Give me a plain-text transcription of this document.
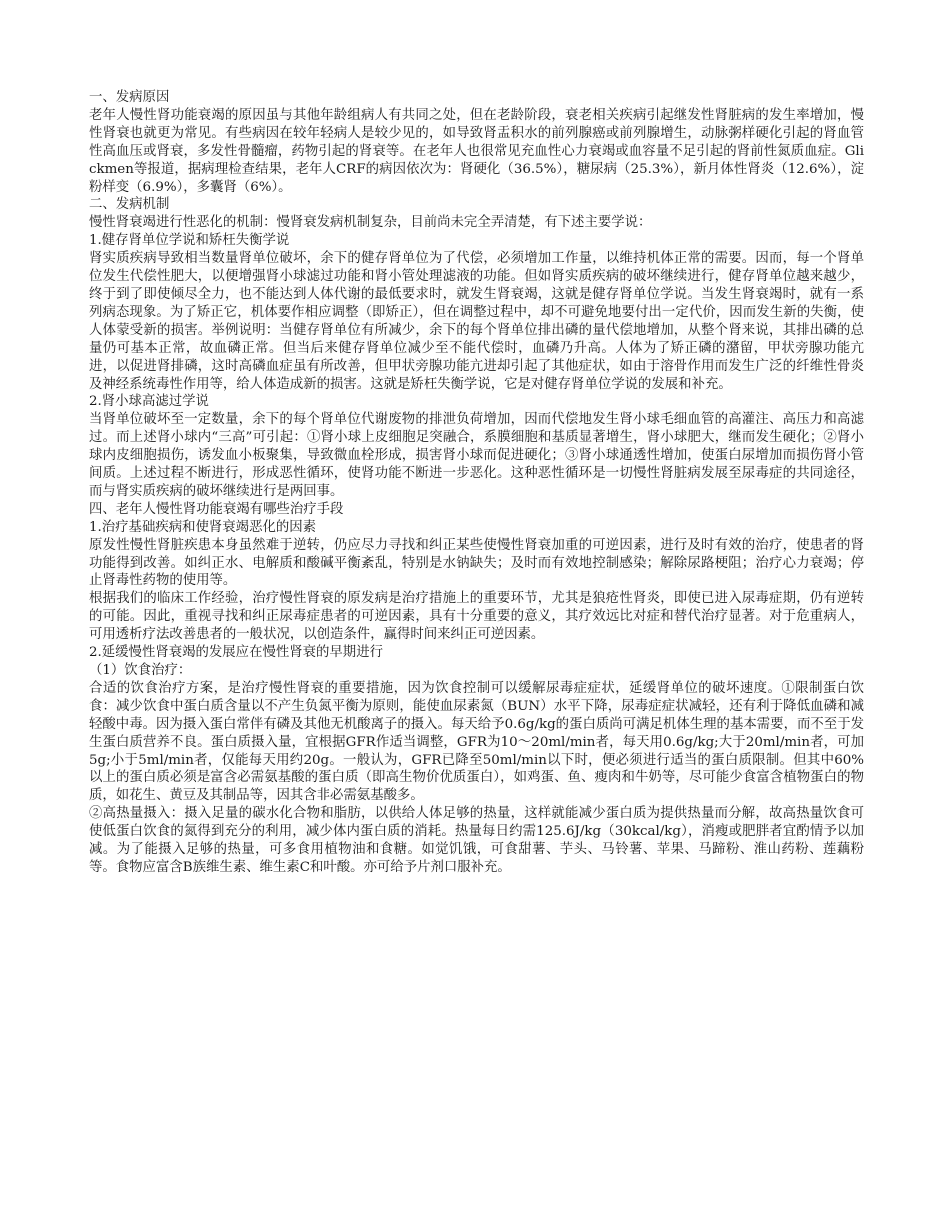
一、发病原因

老年人慢性肾功能衰竭的原因虽与其他年龄组病人有共同之处，但在老龄阶段，衰老相关疾病引起继发性肾脏病的发生率增加，慢性肾衰也就更为常见。有些病因在较年轻病人是较少见的，如导致肾盂积水的前列腺癌或前列腺增生，动脉粥样硬化引起的肾血管性高血压或肾衰，多发性骨髓瘤，药物引起的肾衰等。在老年人也很常见充血性心力衰竭或血容量不足引起的肾前性氮质血症。Glickmen等报道，据病理检查结果，老年人CRF的病因依次为：肾硬化（36.5%），糖尿病（25.3%），新月体性肾炎（12.6%），淀粉样变（6.9%），多囊肾（6%）。

二、发病机制

慢性肾衰竭进行性恶化的机制：慢肾衰发病机制复杂，目前尚未完全弄清楚，有下述主要学说：

1.健存肾单位学说和矫枉失衡学说

肾实质疾病导致相当数量肾单位破坏，余下的健存肾单位为了代偿，必须增加工作量，以维持机体正常的需要。因而，每一个肾单位发生代偿性肥大，以便增强肾小球滤过功能和肾小管处理滤液的功能。但如肾实质疾病的破坏继续进行，健存肾单位越来越少，终于到了即使倾尽全力，也不能达到人体代谢的最低要求时，就发生肾衰竭，这就是健存肾单位学说。当发生肾衰竭时，就有一系列病态现象。为了矫正它，机体要作相应调整（即矫正），但在调整过程中，却不可避免地要付出一定代价，因而发生新的失衡，使人体蒙受新的损害。举例说明：当健存肾单位有所减少，余下的每个肾单位排出磷的量代偿地增加，从整个肾来说，其排出磷的总量仍可基本正常，故血磷正常。但当后来健存肾单位减少至不能代偿时，血磷乃升高。人体为了矫正磷的潴留，甲状旁腺功能亢进，以促进肾排磷，这时高磷血症虽有所改善，但甲状旁腺功能亢进却引起了其他症状，如由于溶骨作用而发生广泛的纤维性骨炎及神经系统毒性作用等，给人体造成新的损害。这就是矫枉失衡学说，它是对健存肾单位学说的发展和补充。

2.肾小球高滤过学说

当肾单位破坏至一定数量，余下的每个肾单位代谢废物的排泄负荷增加，因而代偿地发生肾小球毛细血管的高灌注、高压力和高滤过。而上述肾小球内“三高”可引起：①肾小球上皮细胞足突融合，系膜细胞和基质显著增生，肾小球肥大，继而发生硬化；②肾小球内皮细胞损伤，诱发血小板聚集，导致微血栓形成，损害肾小球而促进硬化；③肾小球通透性增加，使蛋白尿增加而损伤肾小管间质。上述过程不断进行，形成恶性循环，使肾功能不断进一步恶化。这种恶性循环是一切慢性肾脏病发展至尿毒症的共同途径，而与肾实质疾病的破坏继续进行是两回事。

四、老年人慢性肾功能衰竭有哪些治疗手段

1.治疗基础疾病和使肾衰竭恶化的因素

原发性慢性肾脏疾患本身虽然难于逆转，仍应尽力寻找和纠正某些使慢性肾衰加重的可逆因素，进行及时有效的治疗，使患者的肾功能得到改善。如纠正水、电解质和酸碱平衡紊乱，特别是水钠缺失；及时而有效地控制感染；解除尿路梗阻；治疗心力衰竭；停止肾毒性药物的使用等。

根据我们的临床工作经验，治疗慢性肾衰的原发病是治疗措施上的重要环节，尤其是狼疮性肾炎，即使已进入尿毒症期，仍有逆转的可能。因此，重视寻找和纠正尿毒症患者的可逆因素，具有十分重要的意义，其疗效远比对症和替代治疗显著。对于危重病人，可用透析疗法改善患者的一般状况，以创造条件，赢得时间来纠正可逆因素。

2.延缓慢性肾衰竭的发展应在慢性肾衰的早期进行

（1）饮食治疗：

合适的饮食治疗方案，是治疗慢性肾衰的重要措施，因为饮食控制可以缓解尿毒症症状，延缓肾单位的破坏速度。①限制蛋白饮食：减少饮食中蛋白质含量以不产生负氮平衡为原则，能使血尿素氮（BUN）水平下降，尿毒症症状减轻，还有利于降低血磷和减轻酸中毒。因为摄入蛋白常伴有磷及其他无机酸离子的摄入。每天给予0.6g/kg的蛋白质尚可满足机体生理的基本需要，而不至于发生蛋白质营养不良。蛋白质摄入量，宜根据GFR作适当调整，GFR为10～20ml/min者，每天用0.6g/kg;大于20ml/min者，可加5g;小于5ml/min者，仅能每天用约20g。一般认为，GFR已降至50ml/min以下时，便必须进行适当的蛋白质限制。但其中60%以上的蛋白质必须是富含必需氨基酸的蛋白质（即高生物价优质蛋白），如鸡蛋、鱼、瘦肉和牛奶等，尽可能少食富含植物蛋白的物质，如花生、黄豆及其制品等，因其含非必需氨基酸多。

②高热量摄入：摄入足量的碳水化合物和脂肪，以供给人体足够的热量，这样就能减少蛋白质为提供热量而分解，故高热量饮食可使低蛋白饮食的氮得到充分的利用，减少体内蛋白质的消耗。热量每日约需125.6J/kg（30kcal/kg），消瘦或肥胖者宜酌情予以加减。为了能摄入足够的热量，可多食用植物油和食糖。如觉饥饿，可食甜薯、芋头、马铃薯、苹果、马蹄粉、淮山药粉、莲藕粉等。食物应富含B族维生素、维生素C和叶酸。亦可给予片剂口服补充。
